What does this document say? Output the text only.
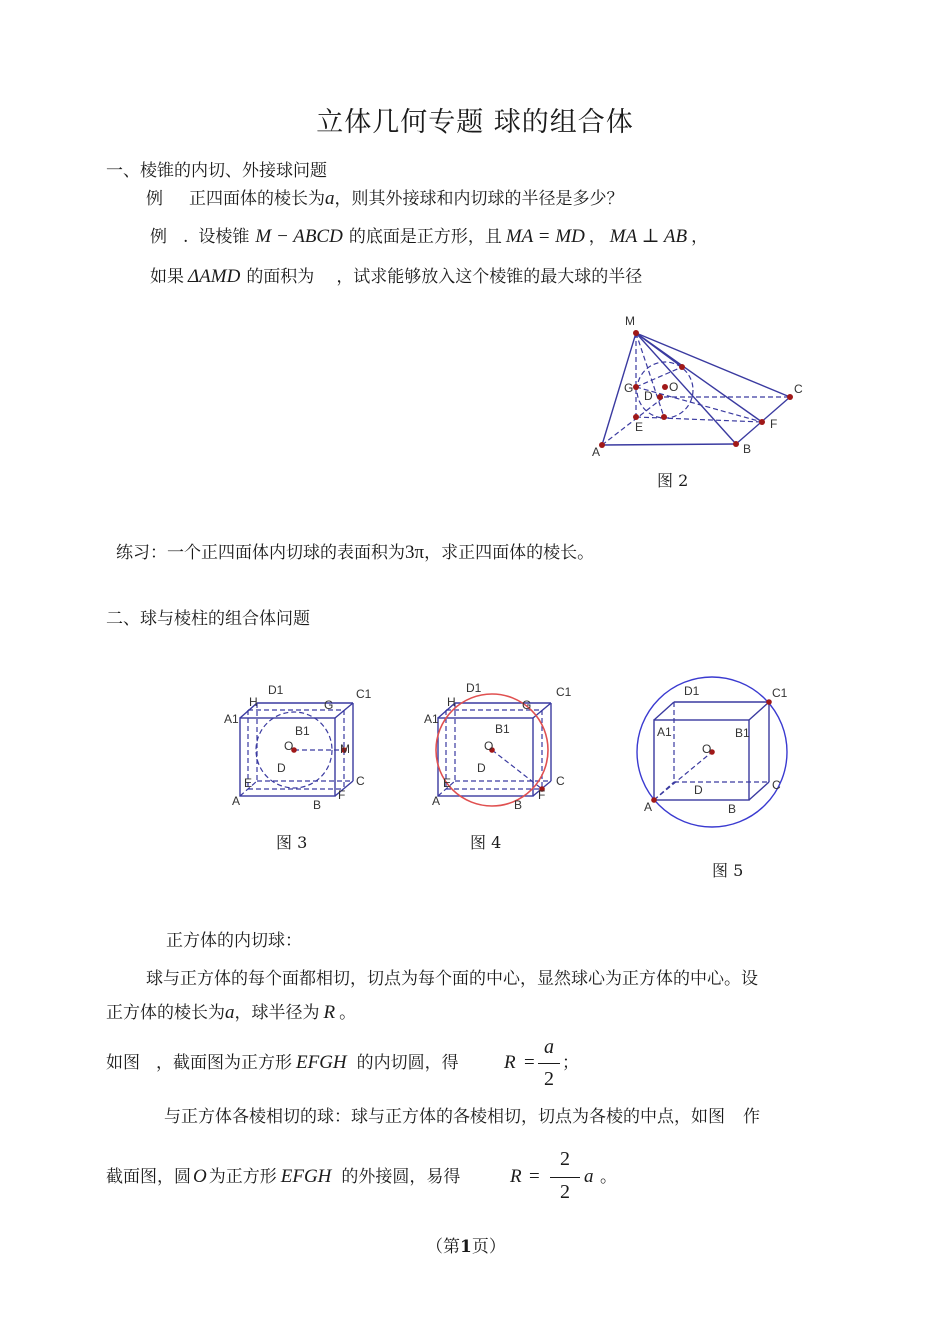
立体几何专题 球的组合体
一、棱锥的内切、外接球问题
例 正四面体的棱长为a，则其外接球和内切球的半径是多少？
例 . 设棱锥 M − ABCD 的底面是正方形，且 MA = MD ， MA ⊥ AB ，
如果 ΔAMD 的面积为 ，试求能够放入这个棱锥的最大球的半径
M
C
G	O
D
E	F
A	B
图 2
练习：一个正四面体内切球的表面积为3π，求正四面体的棱长。
二、球与棱柱的组合体问题
D1	C1
H	G
A1
B1
O	M
D
E	C
F
A	B
图 3
D1	C1
H	G
A1
B1
O
D
E	C
F
A	B
图 4
D1	C1
A1	B1
O
D	C
A	B
图 5
正方体的内切球：
球与正方体的每个面都相切，切点为每个面的中心，显然球心为正方体的中心。设
正方体的棱长为a，球半径为 R 。
如图 ，截面图为正方形 EFGH 的内切圆，得 R =
a
2
；
与正方体各棱相切的球：球与正方体的各棱相切，切点为各棱的中点，如图 作
截面图，圆 O 为正方形 EFGH 的外接圆，易得	R =
2
2
a 。
（第1页）
